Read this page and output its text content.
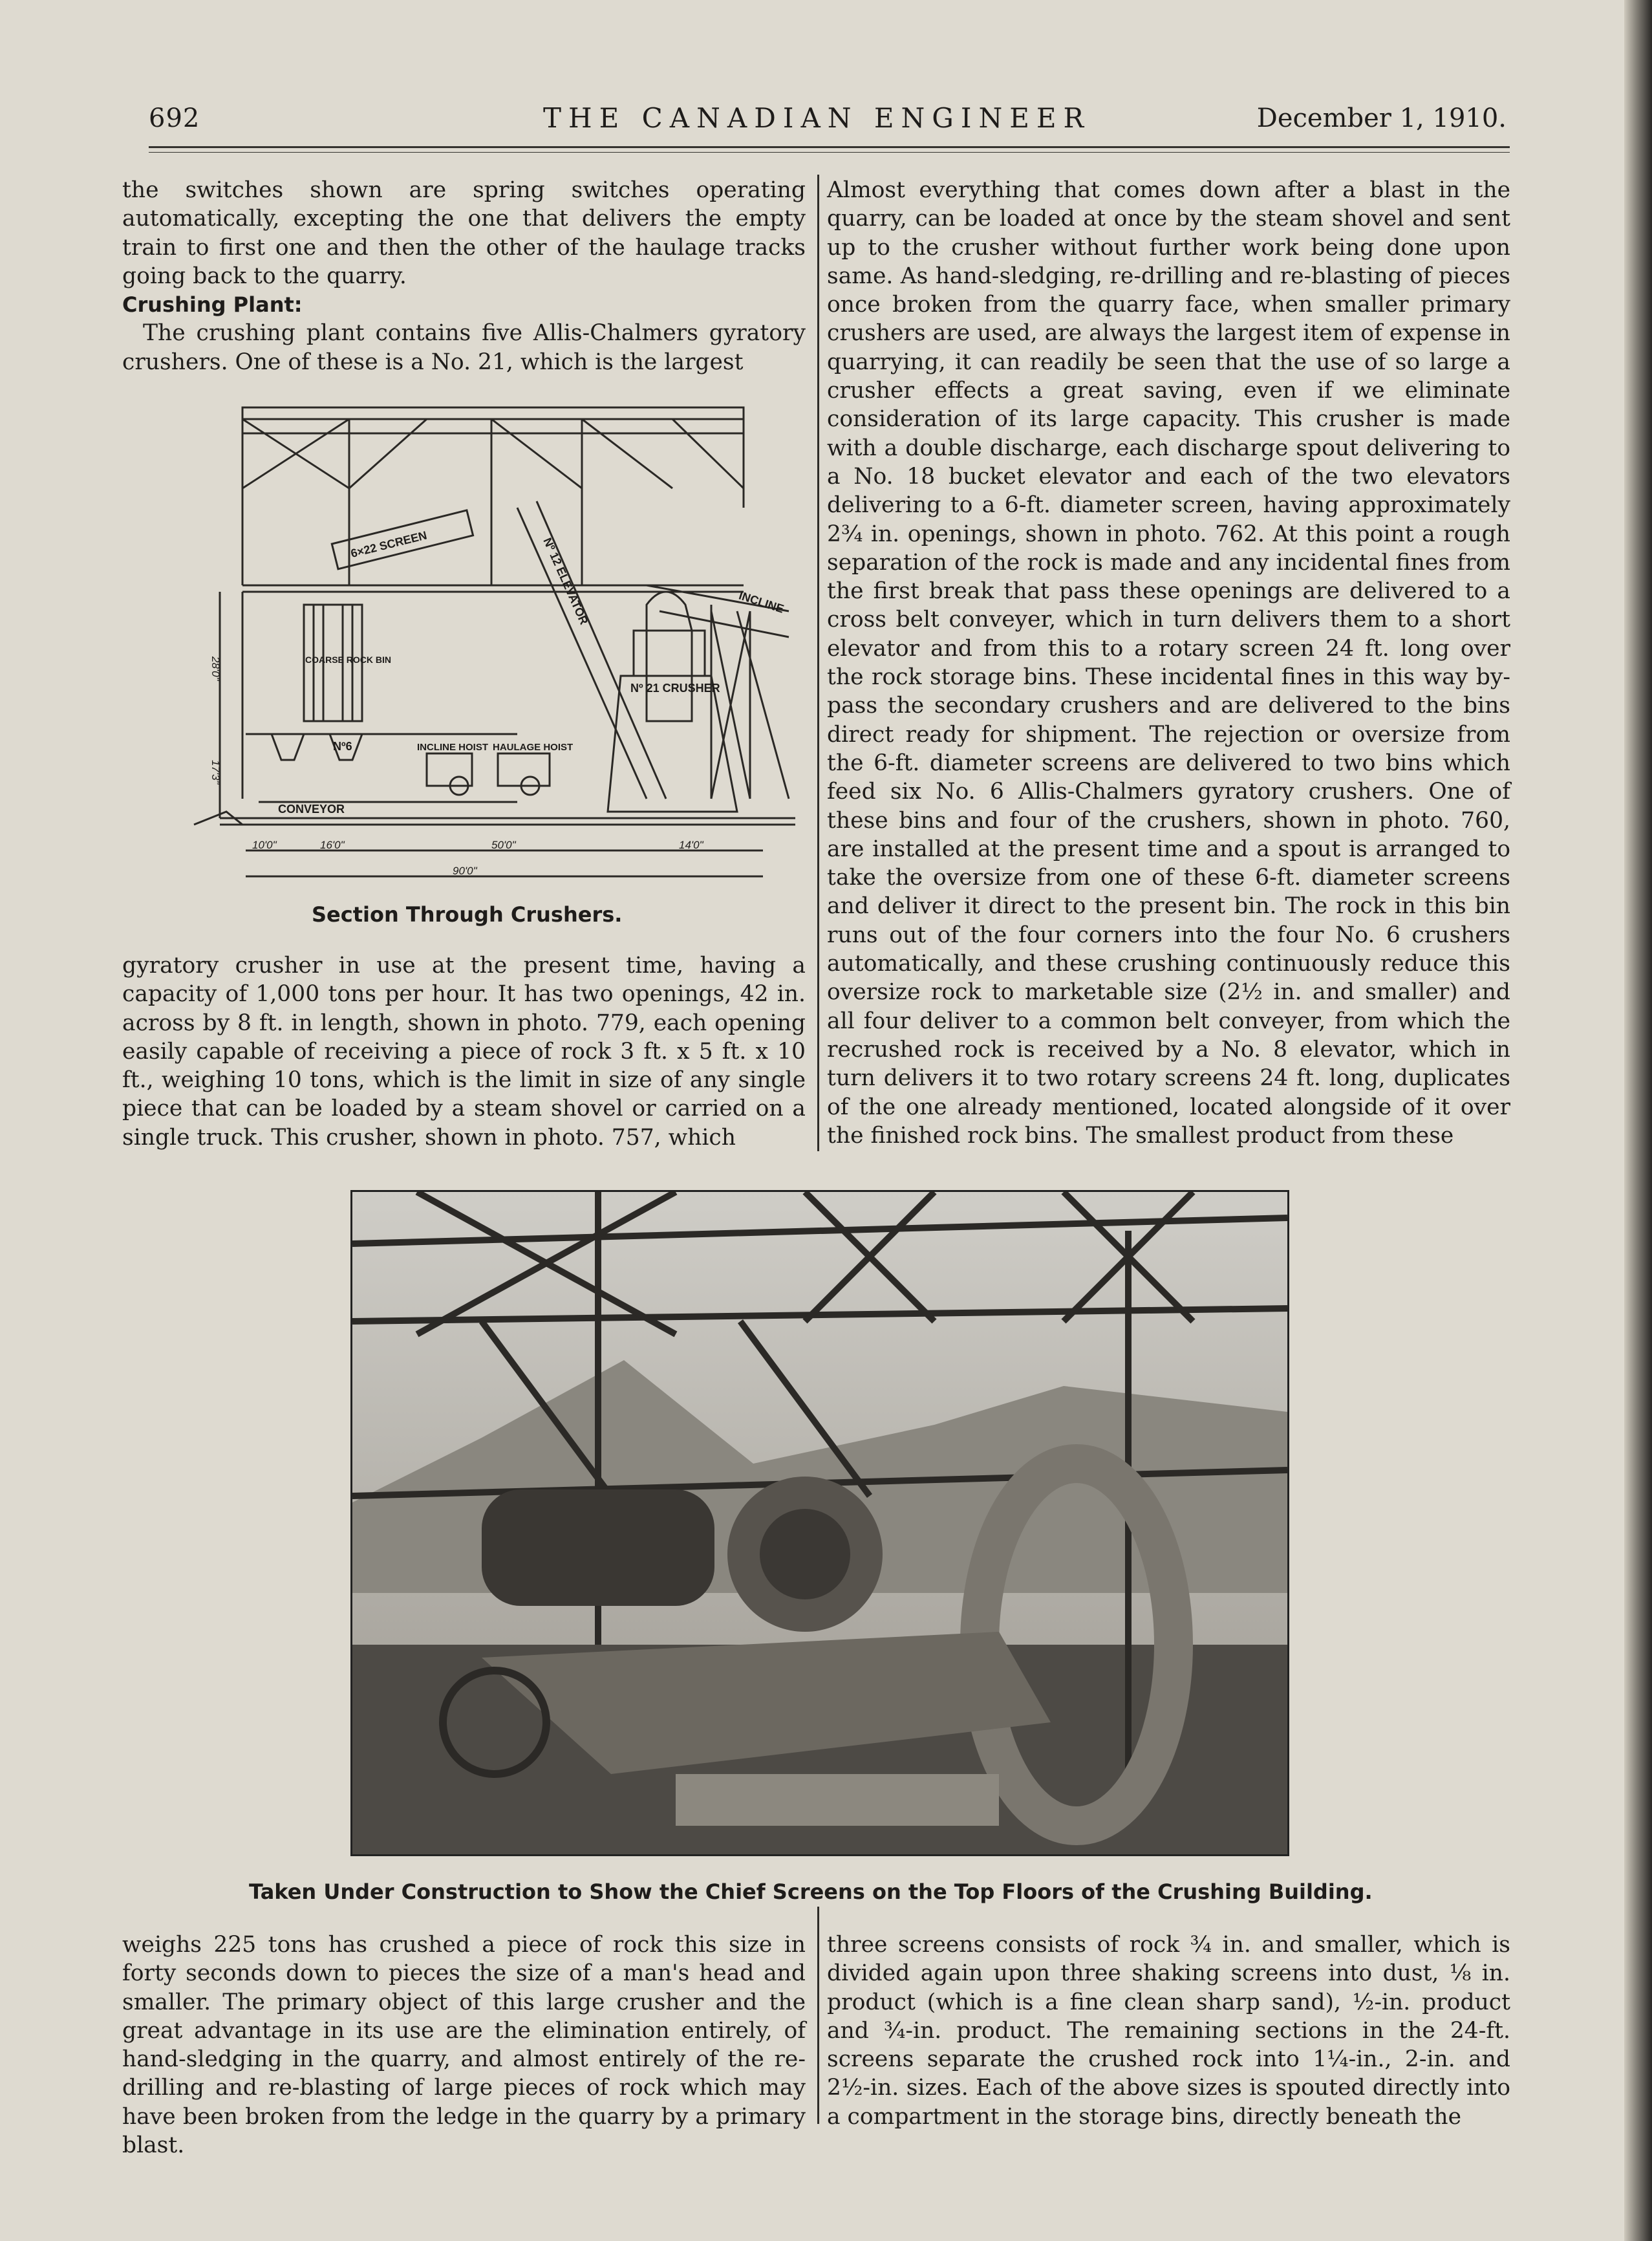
692	THE CANADIAN ENGINEER	December 1, 1910.

the switches shown are spring switches operating automatically, excepting the one that delivers the empty train to first one and then the other of the haulage tracks going back to the quarry.

Crushing Plant:

The crushing plant contains five Allis-Chalmers gyratory crushers. One of these is a No. 21, which is the largest

6×22 SCREEN
INCLINE
Nº 12 ELEVATOR
Nº 21 CRUSHER
COARSE ROCK BIN
Nº6	INCLINE HOIST HAULAGE HOIST
CONVEYOR
28'0"
17'3"
10'0"	16'0"	50'0"	14'0"
90'0"
Section Through Crushers.

gyratory crusher in use at the present time, having a capacity of 1,000 tons per hour. It has two openings, 42 in. across by 8 ft. in length, shown in photo. 779, each opening easily capable of receiving a piece of rock 3 ft. x 5 ft. x 10 ft., weighing 10 tons, which is the limit in size of any single piece that can be loaded by a steam shovel or carried on a single truck. This crusher, shown in photo. 757, which

Almost everything that comes down after a blast in the quarry, can be loaded at once by the steam shovel and sent up to the crusher without further work being done upon same. As hand-sledging, re-drilling and re-blasting of pieces once broken from the quarry face, when smaller primary crushers are used, are always the largest item of expense in quarrying, it can readily be seen that the use of so large a crusher effects a great saving, even if we eliminate consideration of its large capacity. This crusher is made with a double discharge, each discharge spout delivering to a No. 18 bucket elevator and each of the two elevators delivering to a 6-ft. diameter screen, having approximately 2¾ in. openings, shown in photo. 762. At this point a rough separation of the rock is made and any incidental fines from the first break that pass these openings are delivered to a cross belt conveyer, which in turn delivers them to a short elevator and from this to a rotary screen 24 ft. long over the rock storage bins. These incidental fines in this way by-pass the secondary crushers and are delivered to the bins direct ready for shipment. The rejection or oversize from the 6-ft. diameter screens are delivered to two bins which feed six No. 6 Allis-Chalmers gyratory crushers. One of these bins and four of the crushers, shown in photo. 760, are installed at the present time and a spout is arranged to take the oversize from one of these 6-ft. diameter screens and deliver it direct to the present bin. The rock in this bin runs out of the four corners into the four No. 6 crushers automatically, and these crushing continuously reduce this oversize rock to marketable size (2½ in. and smaller) and all four deliver to a common belt conveyer, from which the recrushed rock is received by a No. 8 elevator, which in turn delivers it to two rotary screens 24 ft. long, duplicates of the one already mentioned, located alongside of it over the finished rock bins. The smallest product from these

Taken Under Construction to Show the Chief Screens on the Top Floors of the Crushing Building.

weighs 225 tons has crushed a piece of rock this size in forty seconds down to pieces the size of a man's head and smaller. The primary object of this large crusher and the great advantage in its use are the elimination entirely, of hand-sledging in the quarry, and almost entirely of the re-drilling and re-blasting of large pieces of rock which may have been broken from the ledge in the quarry by a primary blast.

three screens consists of rock ¾ in. and smaller, which is divided again upon three shaking screens into dust, ⅛ in. product (which is a fine clean sharp sand), ½-in. product and ¾-in. product. The remaining sections in the 24-ft. screens separate the crushed rock into 1¼-in., 2-in. and 2½-in. sizes. Each of the above sizes is spouted directly into a compartment in the storage bins, directly beneath the
